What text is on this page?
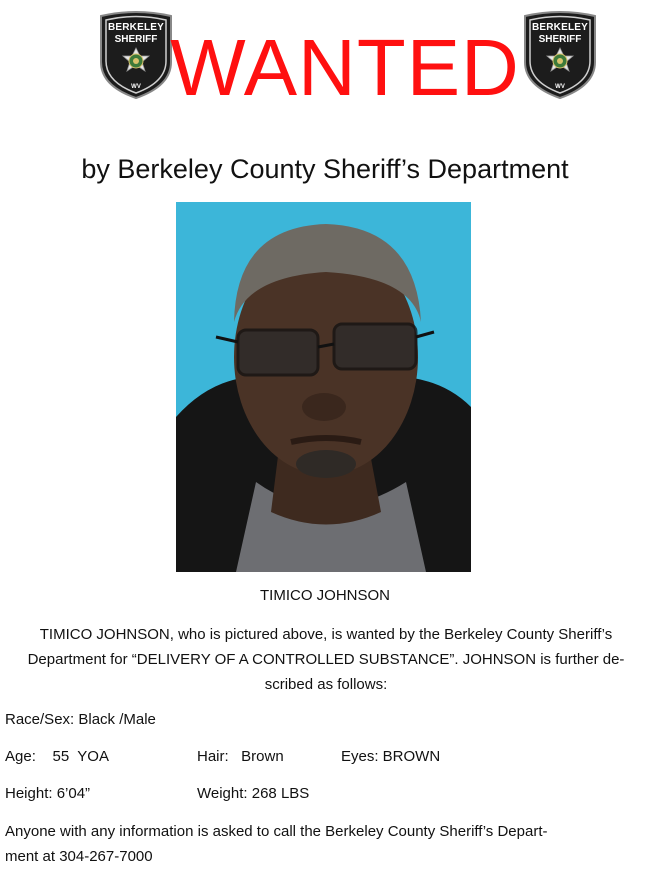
BERKELEY
SHERIFF
WV WANTED	BERKELEY
SHERIFF
WV
by Berkeley County Sheriff’s Department
TIMICO JOHNSON
TIMICO JOHNSON, who is pictured above, is wanted by the Berkeley County Sheriff’s
Department for “DELIVERY OF A CONTROLLED SUBSTANCE”. JOHNSON is further de-
scribed as follows:
Race/Sex: Black /Male
Age:    55  YOA	Hair:   Brown	Eyes: BROWN
Height: 6’04”	Weight: 268 LBS
Anyone with any information is asked to call the Berkeley County Sheriff’s Depart-
ment at 304-267-7000
